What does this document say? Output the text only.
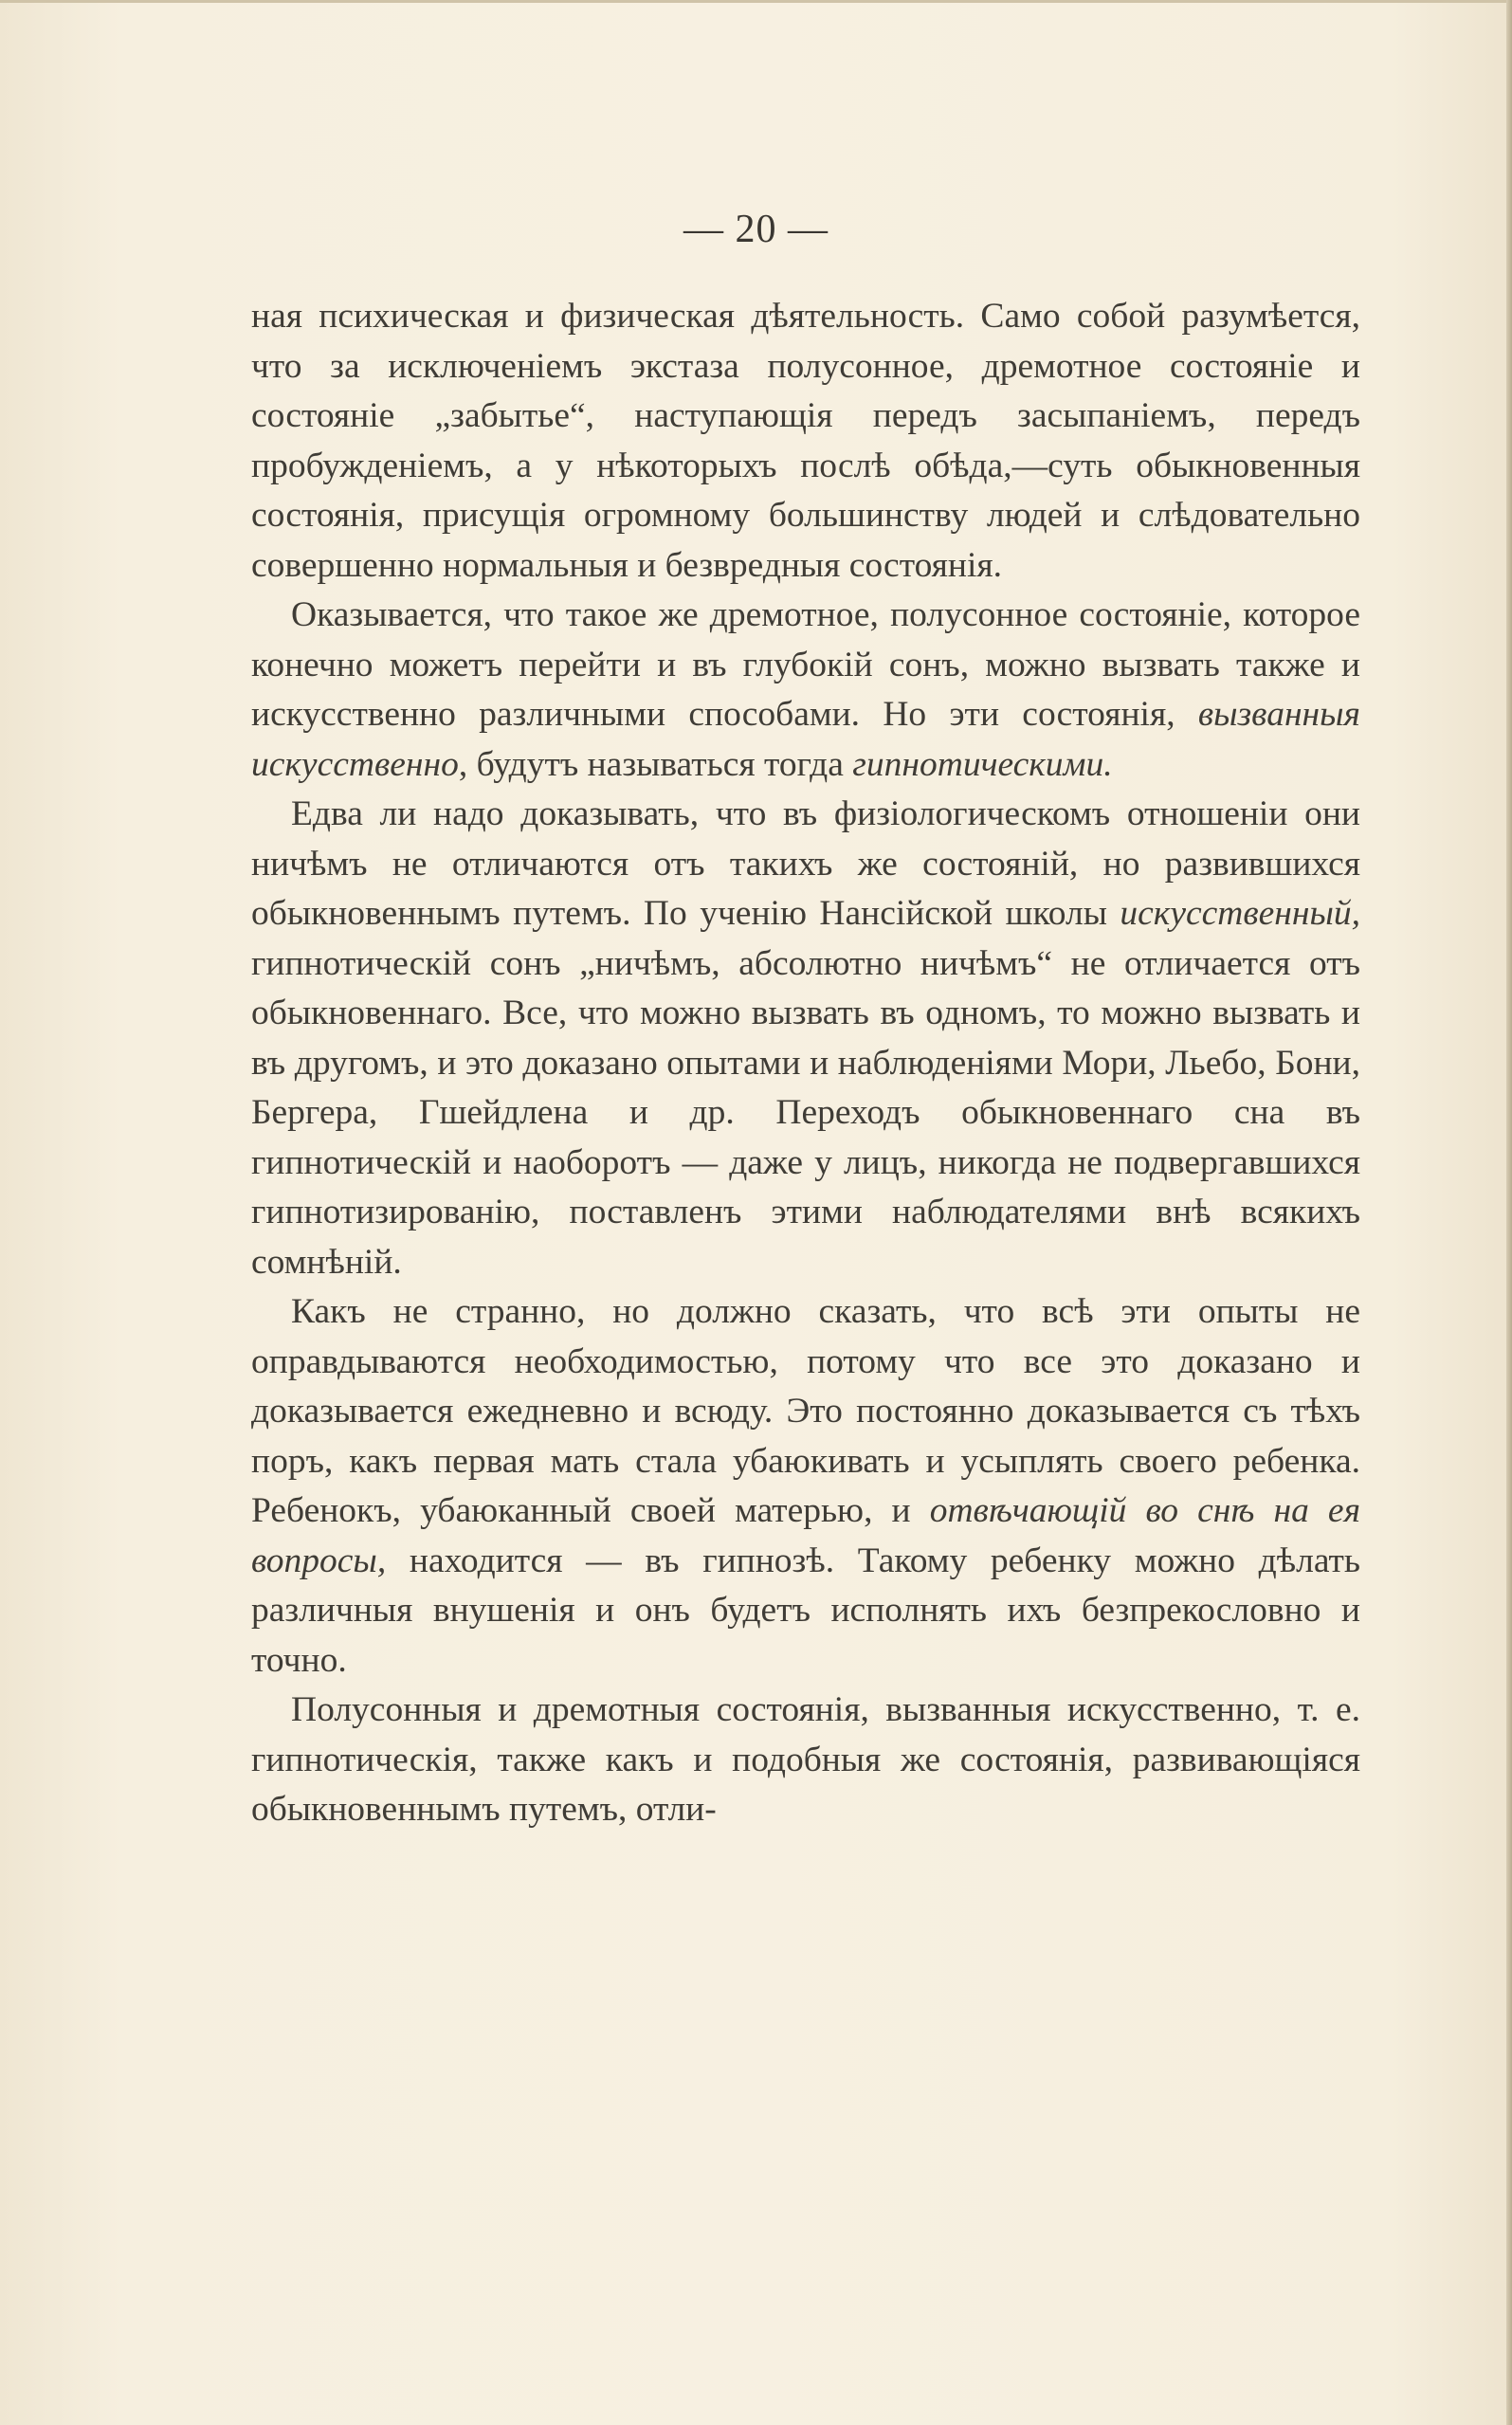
— 20 —

ная психическая и физическая дѣятельность. Само собой разумѣется, что за исключеніемъ экстаза полусонное, дремотное состояніе и состояніе „забытье“, наступающія передъ засыпаніемъ, передъ пробужденіемъ, а у нѣкоторыхъ послѣ обѣда,—суть обыкновенныя состоянія, присущія огромному большинству людей и слѣдовательно совершенно нормальныя и безвредныя состоянія.

Оказывается, что такое же дремотное, полусонное состояніе, которое конечно можетъ перейти и въ глубокій сонъ, можно вызвать также и искусственно различными способами. Но эти состоянія, вызванныя искусственно, будутъ называться тогда гипнотическими.

Едва ли надо доказывать, что въ физіологическомъ отношеніи они ничѣмъ не отличаются отъ такихъ же состояній, но развившихся обыкновеннымъ путемъ. По ученію Нансійской школы искусственный, гипнотическій сонъ „ничѣмъ, абсолютно ничѣмъ“ не отличается отъ обыкновеннаго. Все, что можно вызвать въ одномъ, то можно вызвать и въ другомъ, и это доказано опытами и наблюденіями Мори, Льебо, Бони, Бергера, Гшейдлена и др. Переходъ обыкновеннаго сна въ гипнотическій и наоборотъ — даже у лицъ, никогда не подвергавшихся гипнотизированію, поставленъ этими наблюдателями внѣ всякихъ сомнѣній.

Какъ не странно, но должно сказать, что всѣ эти опыты не оправдываются необходимостью, потому что все это доказано и доказывается ежедневно и всюду. Это постоянно доказывается съ тѣхъ поръ, какъ первая мать стала убаюкивать и усыплять своего ребенка. Ребенокъ, убаюканный своей матерью, и отвѣчающій во снѣ на ея вопросы, находится — въ гипнозѣ. Такому ребенку можно дѣлать различныя внушенія и онъ будетъ исполнять ихъ безпрекословно и точно.

Полусонныя и дремотныя состоянія, вызванныя искусственно, т. е. гипнотическія, также какъ и подобныя же состоянія, развивающіяся обыкновеннымъ путемъ, отли-
